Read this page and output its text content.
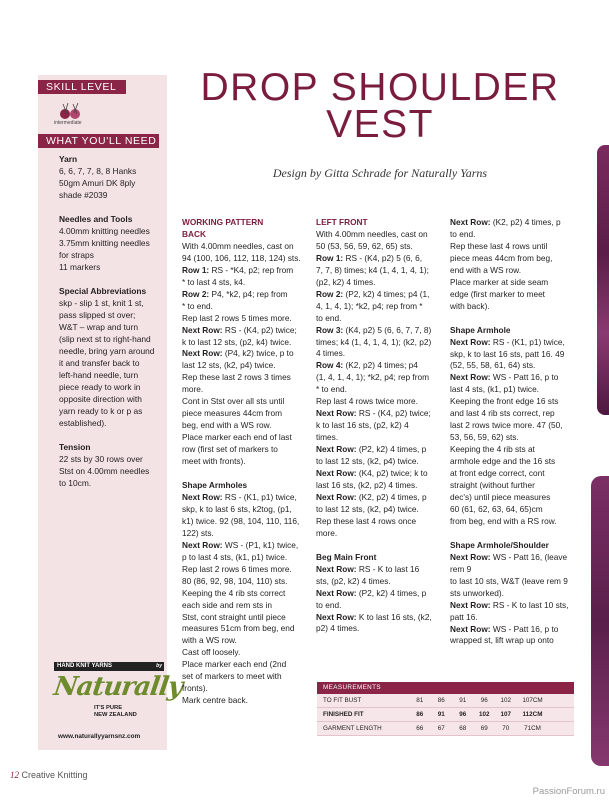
SKILL LEVEL
intermediate
WHAT YOU'LL NEED

Yarn

6, 6, 7, 7, 8, 8 Hanks

50gm Amuri DK 8ply

shade #2039

Needles and Tools

4.00mm knitting needles

3.75mm knitting needles

for straps

11 markers

Special Abbreviations

skp - slip 1 st, knit 1 st,

pass slipped st over;

W&T – wrap and turn

(slip next st to right-hand

needle, bring yarn around

it and transfer back to

left-hand needle, turn

piece ready to work in

opposite direction with

yarn ready to k or p as

established).

Tension

22 sts by 30 rows over

Stst on 4.00mm needles

to 10cm.

HAND KNIT YARNS	by
Naturally
IT'S PURE
NEW ZEALAND
www.naturallyyarnsnz.com
DROP SHOULDER
VEST
Design by Gitta Schrade for Naturally Yarns

WORKING PATTERN

BACK

With 4.00mm needles, cast on

94 (100, 106, 112, 118, 124) sts.

Row 1: RS - *K4, p2; rep from

* to last 4 sts, k4.

Row 2: P4, *k2, p4; rep from

* to end.

Rep last 2 rows 5 times more.

Next Row: RS - (K4, p2) twice;

k to last 12 sts, (p2, k4) twice.

Next Row: (P4, k2) twice, p to

last 12 sts, (k2, p4) twice.

Rep these last 2 rows 3 times

more.

Cont in Stst over all sts until

piece measures 44cm from

beg, end with a WS row.

Place marker each end of last

row (first set of markers to

meet with fronts).

Shape Armholes

Next Row: RS - (K1, p1) twice,

skp, k to last 6 sts, k2tog, (p1,

k1) twice. 92 (98, 104, 110, 116,

122) sts.

Next Row: WS - (P1, k1) twice,

p to last 4 sts, (k1, p1) twice.

Rep last 2 rows 6 times more.

80 (86, 92, 98, 104, 110) sts.

Keeping the 4 rib sts correct

each side and rem sts in

Stst, cont straight until piece

measures 51cm from beg, end

with a WS row.

Cast off loosely.

Place marker each end (2nd

set of markers to meet with

fronts).

Mark centre back.

LEFT FRONT

With 4.00mm needles, cast on

50 (53, 56, 59, 62, 65) sts.

Row 1: RS - (K4, p2) 5 (6, 6,

7, 7, 8) times; k4 (1, 4, 1, 4, 1);

(p2, k2) 4 times.

Row 2: (P2, k2) 4 times; p4 (1,

4, 1, 4, 1); *k2, p4; rep from *

to end.

Row 3: (K4, p2) 5 (6, 6, 7, 7, 8)

times; k4 (1, 4, 1, 4, 1); (k2, p2)

4 times.

Row 4: (K2, p2) 4 times; p4

(1, 4, 1, 4, 1); *k2, p4; rep from

* to end.

Rep last 4 rows twice more.

Next Row: RS - (K4, p2) twice;

k to last 16 sts, (p2, k2) 4

times.

Next Row: (P2, k2) 4 times, p

to last 12 sts, (k2, p4) twice.

Next Row: (K4, p2) twice; k to

last 16 sts, (k2, p2) 4 times.

Next Row: (K2, p2) 4 times, p

to last 12 sts, (k2, p4) twice.

Rep these last 4 rows once

more.

Beg Main Front

Next Row: RS - K to last 16

sts, (p2, k2) 4 times.

Next Row: (P2, k2) 4 times, p

to end.

Next Row: K to last 16 sts, (k2,

p2) 4 times.

Next Row: (K2, p2) 4 times, p

to end.

Rep these last 4 rows until

piece meas 44cm from beg,

end with a WS row.

Place marker at side seam

edge (first marker to meet

with back).

Shape Armhole

Next Row: RS - (K1, p1) twice,

skp, k to last 16 sts, patt 16. 49

(52, 55, 58, 61, 64) sts.

Next Row: WS - Patt 16, p to

last 4 sts, (k1, p1) twice.

Keeping the front edge 16 sts

and last 4 rib sts correct, rep

last 2 rows twice more. 47 (50,

53, 56, 59, 62) sts.

Keeping the 4 rib sts at

armhole edge and the 16 sts

at front edge correct, cont

straight (without further

dec's) until piece measures

60 (61, 62, 63, 64, 65)cm

from beg, end with a RS row.

Shape Armhole/Shoulder

Next Row: WS - Patt 16, (leave rem 9

to last 10 sts, W&T (leave rem 9

sts unworked).

Next Row: RS - K to last 10 sts,

patt 16.

Next Row: WS - Patt 16, p to

wrapped st, lift wrap up onto

MEASUREMENTS
TO FIT BUST	81	86	91	96	102	107CM
FINISHED FIT	86	91	96	102	107	112CM
GARMENT LENGTH	66	67	68	69	70	71CM
12 Creative Knitting
PassionForum.ru
